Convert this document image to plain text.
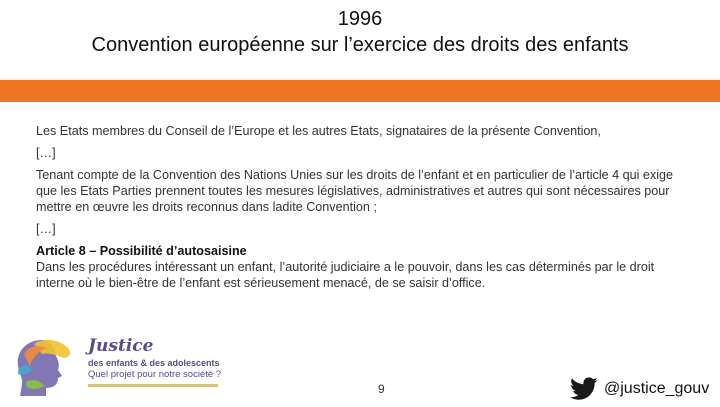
1996
Convention européenne sur l’exercice des droits des enfants

Les Etats membres du Conseil de l’Europe et les autres Etats, signataires de la présente Convention,

[…]

Tenant compte de la Convention des Nations Unies sur les droits de l’enfant et en particulier de l’article 4 qui exige que les Etats Parties prennent toutes les mesures législatives, administratives et autres qui sont nécessaires pour mettre en œuvre les droits reconnus dans ladite Convention ;

[…]

Article 8 – Possibilité d’autosaisine

Dans les procédures intéressant un enfant, l’autorité judiciaire a le pouvoir, dans les cas déterminés par le droit interne où le bien-être de l’enfant est sérieusement menacé, de se saisir d’office.

Justice
des enfants & des adolescents
Quel projet pour notre société ?
9	@justice_gouv
